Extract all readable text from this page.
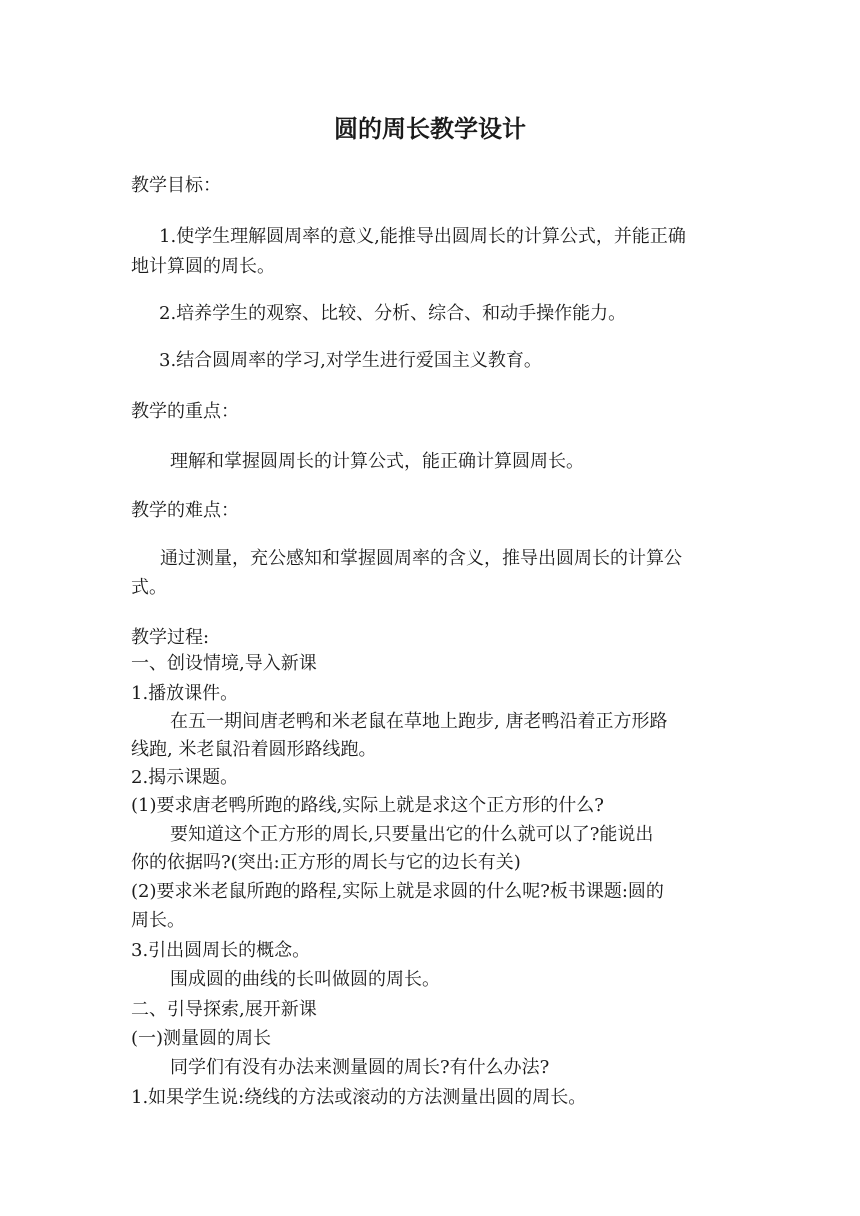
圆的周长教学设计

教学目标：

1.使学生理解圆周率的意义,能推导出圆周长的计算公式，并能正确

地计算圆的周长。

2.培养学生的观察、比较、分析、综合、和动手操作能力。

3.结合圆周率的学习,对学生进行爱国主义教育。

教学的重点：

理解和掌握圆周长的计算公式，能正确计算圆周长。

教学的难点：

通过测量，充公感知和掌握圆周率的含义，推导出圆周长的计算公

式。

教学过程:

一、创设情境,导入新课

1.播放课件。

在五一期间唐老鸭和米老鼠在草地上跑步, 唐老鸭沿着正方形路

线跑, 米老鼠沿着圆形路线跑。

2.揭示课题。

(1)要求唐老鸭所跑的路线,实际上就是求这个正方形的什么?

要知道这个正方形的周长,只要量出它的什么就可以了?能说出

你的依据吗?(突出:正方形的周长与它的边长有关)

(2)要求米老鼠所跑的路程,实际上就是求圆的什么呢?板书课题:圆的

周长。

3.引出圆周长的概念。

围成圆的曲线的长叫做圆的周长。

二、引导探索,展开新课

(一)测量圆的周长

同学们有没有办法来测量圆的周长?有什么办法?

1.如果学生说:绕线的方法或滚动的方法测量出圆的周长。
